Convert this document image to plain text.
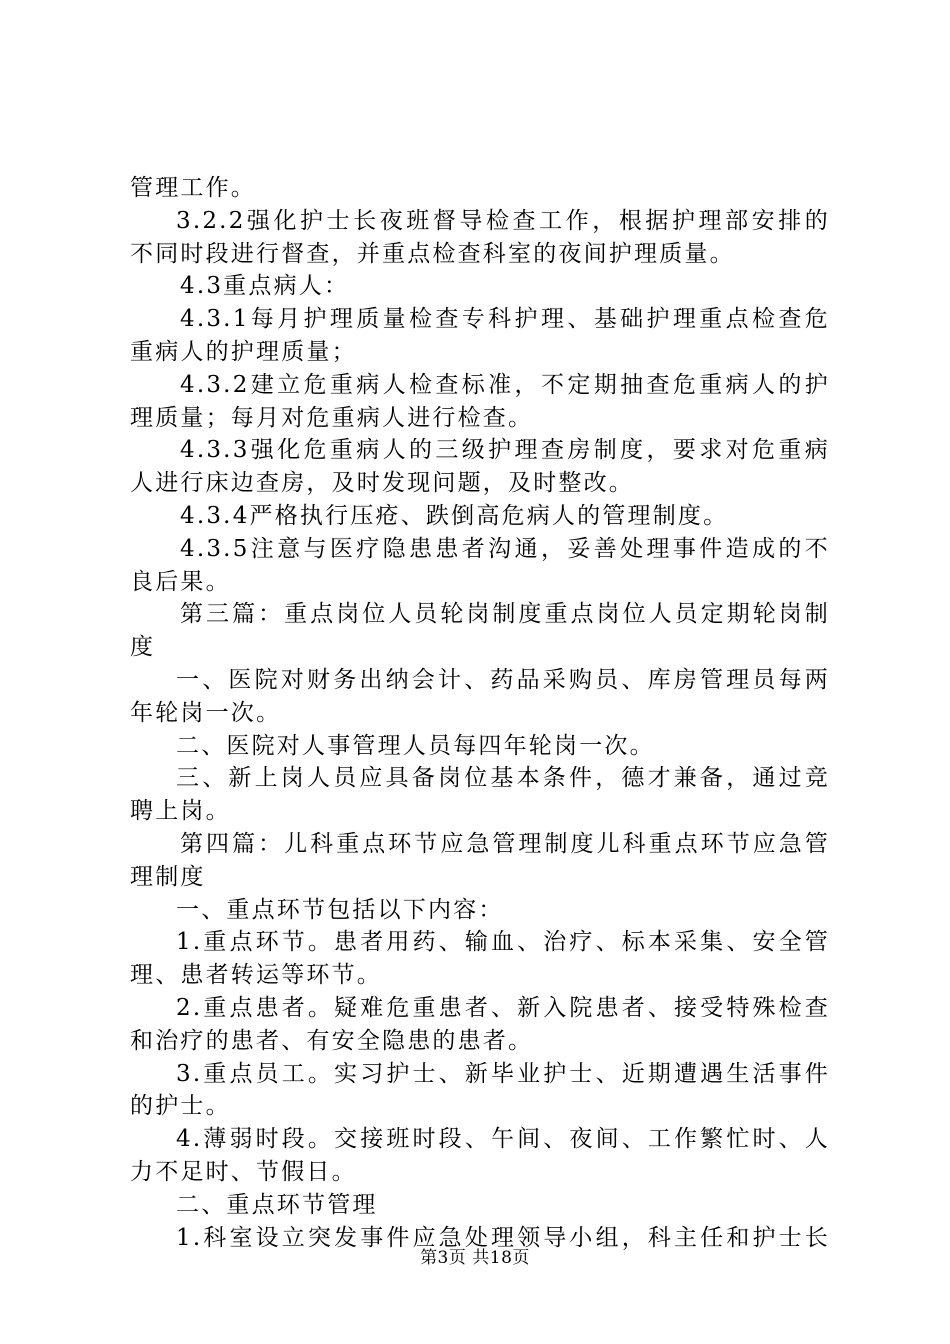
管理工作。
3.2.2强化护士长夜班督导检查工作，根据护理部安排的
不同时段进行督查，并重点检查科室的夜间护理质量。
4.3重点病人：
4.3.1每月护理质量检查专科护理、基础护理重点检查危
重病人的护理质量；
4.3.2建立危重病人检查标准，不定期抽查危重病人的护
理质量；每月对危重病人进行检查。
4.3.3强化危重病人的三级护理查房制度，要求对危重病
人进行床边查房，及时发现问题，及时整改。
4.3.4严格执行压疮、跌倒高危病人的管理制度。
4.3.5注意与医疗隐患患者沟通，妥善处理事件造成的不
良后果。
第三篇：重点岗位人员轮岗制度重点岗位人员定期轮岗制
度
一、医院对财务出纳会计、药品采购员、库房管理员每两
年轮岗一次。
二、医院对人事管理人员每四年轮岗一次。
三、新上岗人员应具备岗位基本条件，德才兼备，通过竞
聘上岗。
第四篇：儿科重点环节应急管理制度儿科重点环节应急管
理制度
一、重点环节包括以下内容：
1.重点环节。患者用药、输血、治疗、标本采集、安全管
理、患者转运等环节。
2.重点患者。疑难危重患者、新入院患者、接受特殊检查
和治疗的患者、有安全隐患的患者。
3.重点员工。实习护士、新毕业护士、近期遭遇生活事件
的护士。
4.薄弱时段。交接班时段、午间、夜间、工作繁忙时、人
力不足时、节假日。
二、重点环节管理
1.科室设立突发事件应急处理领导小组，科主任和护士长
第3页 共18页
